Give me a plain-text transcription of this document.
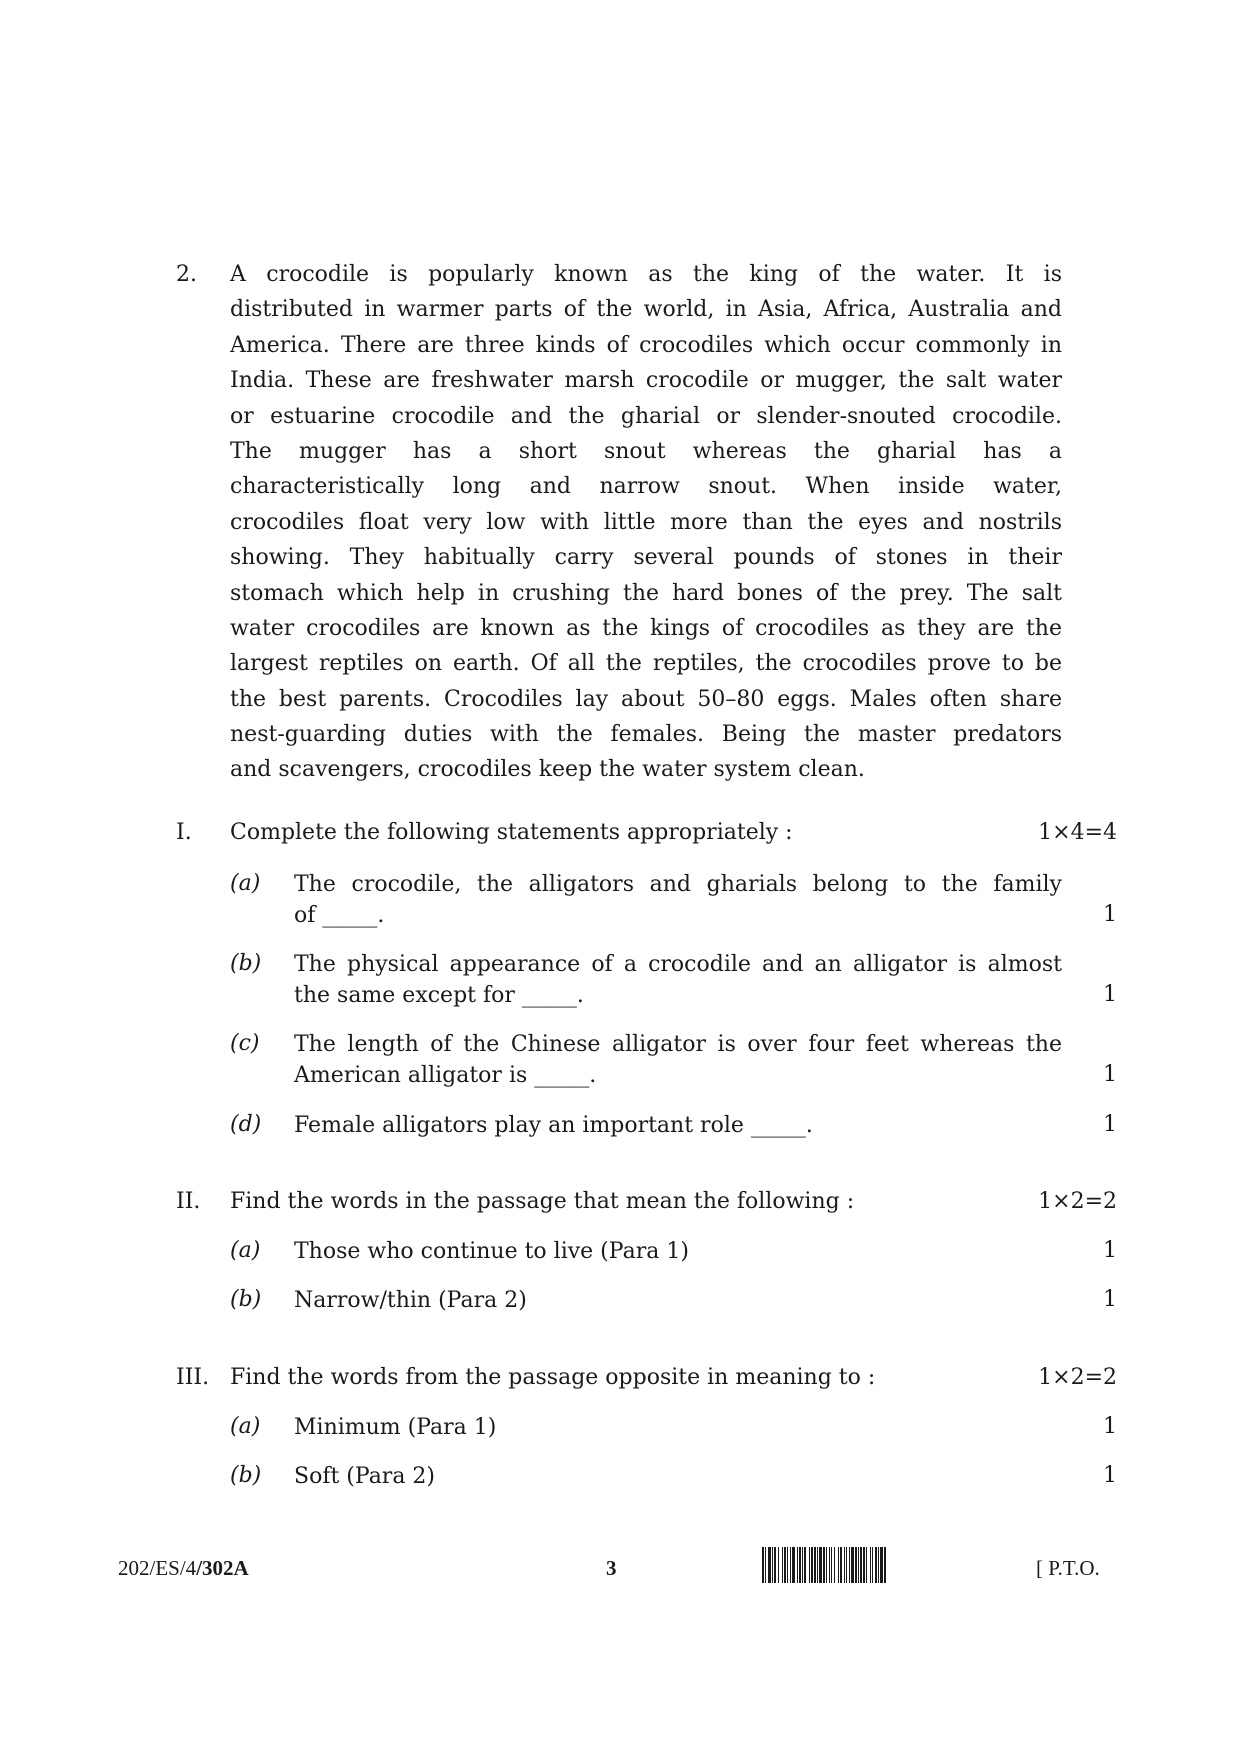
2. A crocodile is popularly known as the king of the water. It is
distributed in warmer parts of the world, in Asia, Africa, Australia and
America. There are three kinds of crocodiles which occur commonly in
India. These are freshwater marsh crocodile or mugger, the salt water
or estuarine crocodile and the gharial or slender-snouted crocodile.
The mugger has a short snout whereas the gharial has a
characteristically long and narrow snout. When inside water,
crocodiles float very low with little more than the eyes and nostrils
showing. They habitually carry several pounds of stones in their
stomach which help in crushing the hard bones of the prey. The salt
water crocodiles are known as the kings of crocodiles as they are the
largest reptiles on earth. Of all the reptiles, the crocodiles prove to be
the best parents. Crocodiles lay about 50–80 eggs. Males often share
nest-guarding duties with the females. Being the master predators
and scavengers, crocodiles keep the water system clean.
I. Complete the following statements appropriately :	1×4=4
(a) The crocodile, the alligators and gharials belong to the family
of _____.	1
(b) The physical appearance of a crocodile and an alligator is almost
the same except for _____.	1
(c) The length of the Chinese alligator is over four feet whereas the
American alligator is _____.	1
(d) Female alligators play an important role _____.	1
II. Find the words in the passage that mean the following :	1×2=2
(a) Those who continue to live (Para 1)	1
(b) Narrow/thin (Para 2)	1
III. Find the words from the passage opposite in meaning to :	1×2=2
(a) Minimum (Para 1)	1
(b) Soft (Para 2)	1
202/ES/4/302A	3	[ P.T.O.
